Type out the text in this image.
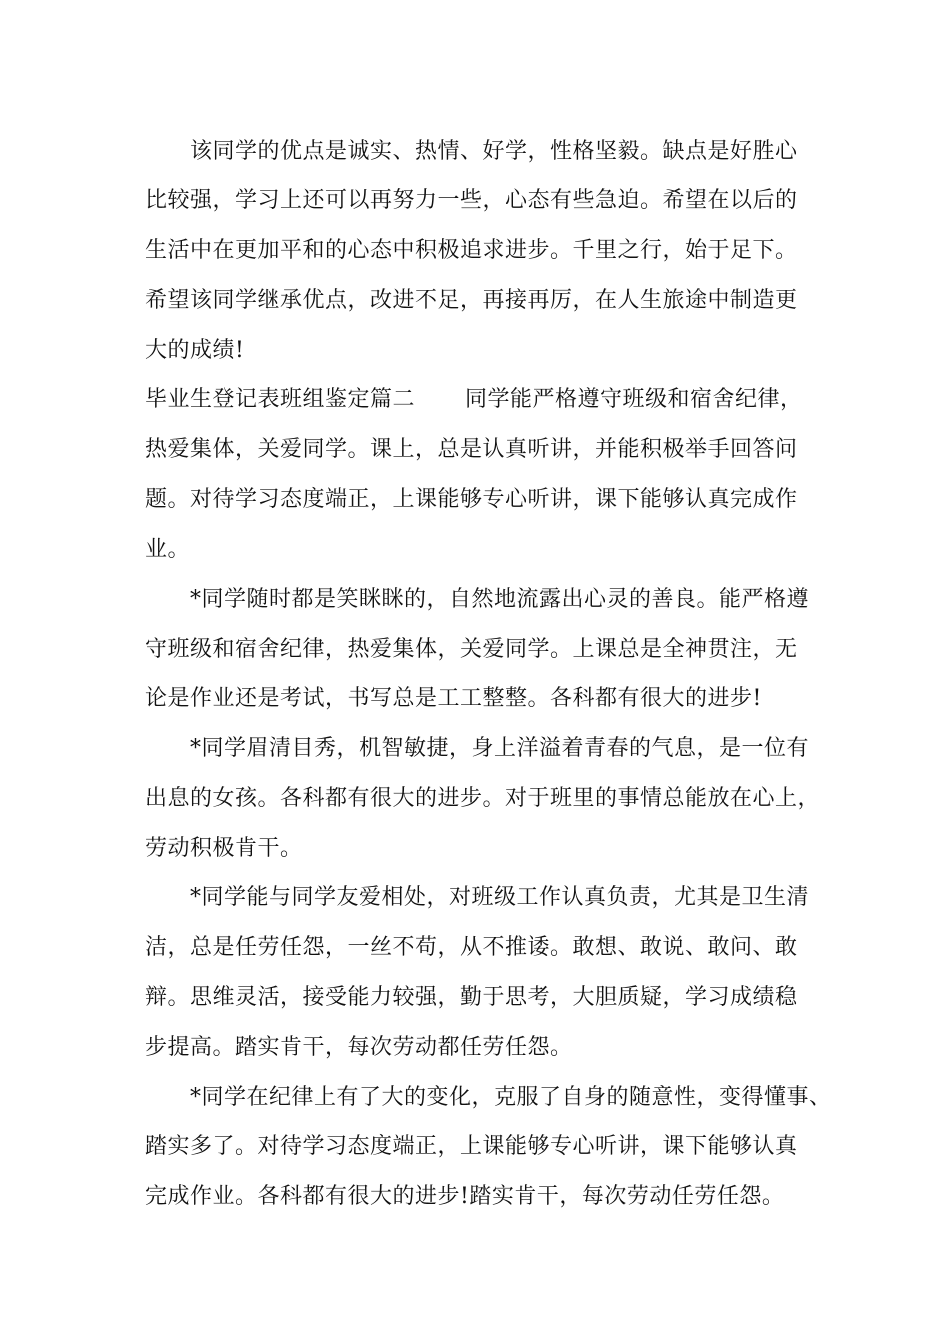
该同学的优点是诚实、热情、好学，性格坚毅。缺点是好胜心
比较强，学习上还可以再努力一些，心态有些急迫。希望在以后的
生活中在更加平和的心态中积极追求进步。千里之行，始于足下。
希望该同学继承优点，改进不足，再接再厉，在人生旅途中制造更
大的成绩!
毕业生登记表班组鉴定篇二 同学能严格遵守班级和宿舍纪律，
热爱集体，关爱同学。课上，总是认真听讲，并能积极举手回答问
题。对待学习态度端正，上课能够专心听讲，课下能够认真完成作
业。
*同学随时都是笑眯眯的，自然地流露出心灵的善良。能严格遵
守班级和宿舍纪律，热爱集体，关爱同学。上课总是全神贯注，无
论是作业还是考试，书写总是工工整整。各科都有很大的进步!
*同学眉清目秀，机智敏捷，身上洋溢着青春的气息，是一位有
出息的女孩。各科都有很大的进步。对于班里的事情总能放在心上，
劳动积极肯干。
*同学能与同学友爱相处，对班级工作认真负责，尤其是卫生清
洁，总是任劳任怨，一丝不苟，从不推诿。敢想、敢说、敢问、敢
辩。思维灵活，接受能力较强，勤于思考，大胆质疑，学习成绩稳
步提高。踏实肯干，每次劳动都任劳任怨。
*同学在纪律上有了大的变化，克服了自身的随意性，变得懂事、
踏实多了。对待学习态度端正，上课能够专心听讲，课下能够认真
完成作业。各科都有很大的进步!踏实肯干，每次劳动任劳任怨。
